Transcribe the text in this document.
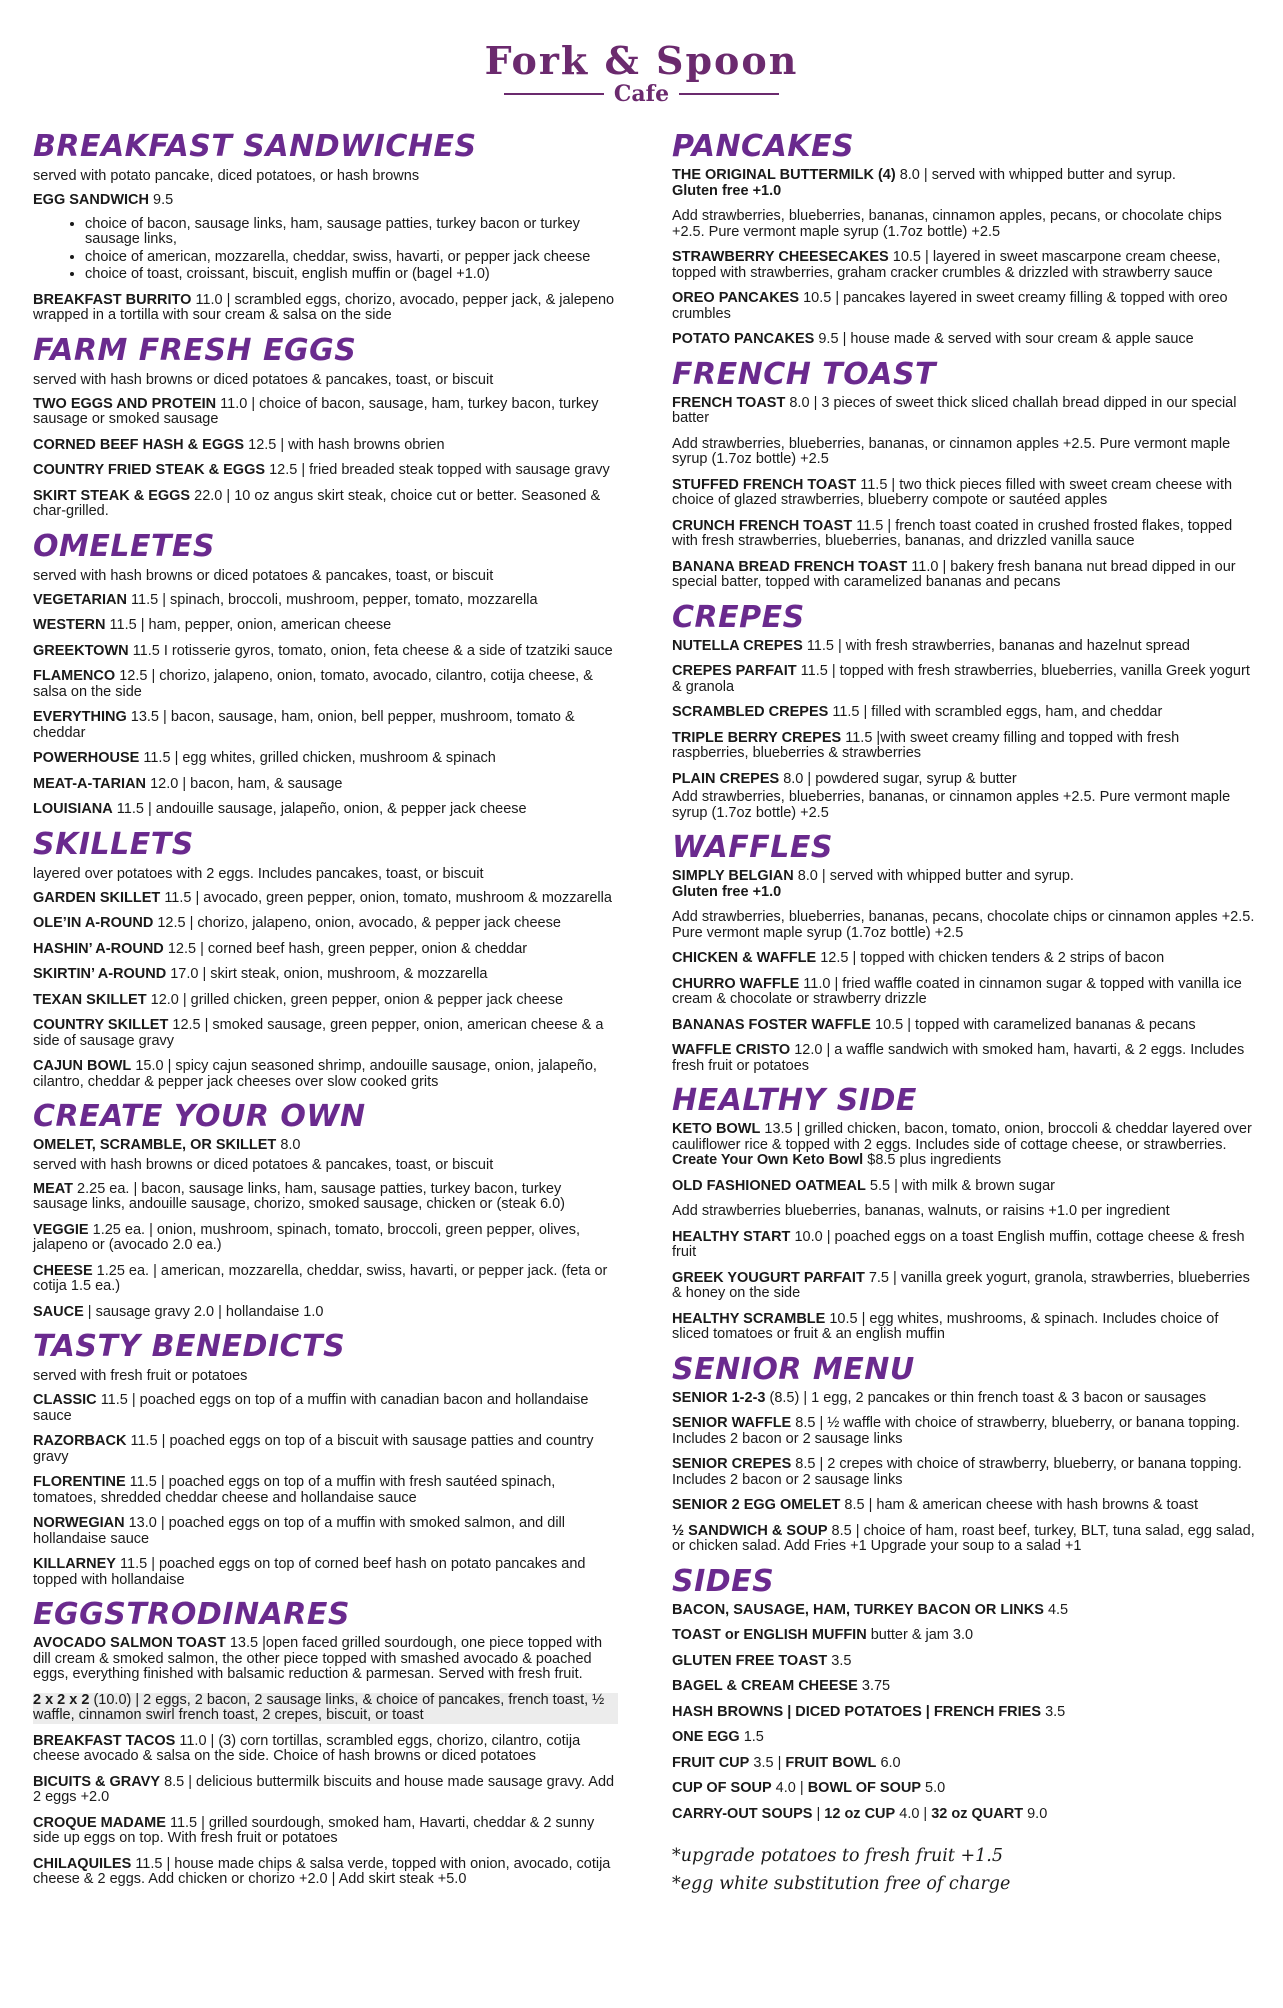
Fork & Spoon
Cafe
BREAKFAST SANDWICHES
served with potato pancake, diced potatoes, or hash browns
EGG SANDWICH 9.5
• choice of bacon, sausage links, ham, sausage patties, turkey bacon or turkey sausage links,
• choice of american, mozzarella, cheddar, swiss, havarti, or pepper jack cheese
• choice of toast, croissant, biscuit, english muffin or (bagel +1.0)
BREAKFAST BURRITO 11.0 | scrambled eggs, chorizo, avocado, pepper jack, & jalepeno wrapped in a tortilla with sour cream & salsa on the side
FARM FRESH EGGS
served with hash browns or diced potatoes & pancakes, toast, or biscuit
TWO EGGS AND PROTEIN 11.0 | choice of bacon, sausage, ham, turkey bacon, turkey sausage or smoked sausage
CORNED BEEF HASH & EGGS 12.5 | with hash browns obrien
COUNTRY FRIED STEAK & EGGS 12.5 | fried breaded steak topped with sausage gravy
SKIRT STEAK & EGGS 22.0 | 10 oz angus skirt steak, choice cut or better. Seasoned & char-grilled.
OMELETES
served with hash browns or diced potatoes & pancakes, toast, or biscuit
VEGETARIAN 11.5 | spinach, broccoli, mushroom, pepper, tomato, mozzarella
WESTERN 11.5 | ham, pepper, onion, american cheese
GREEKTOWN 11.5 I rotisserie gyros, tomato, onion, feta cheese & a side of tzatziki sauce
FLAMENCO 12.5 | chorizo, jalapeno, onion, tomato, avocado, cilantro, cotija cheese, & salsa on the side
EVERYTHING 13.5 | bacon, sausage, ham, onion, bell pepper, mushroom, tomato & cheddar
POWERHOUSE 11.5 | egg whites, grilled chicken, mushroom & spinach
MEAT-A-TARIAN 12.0 | bacon, ham, & sausage
LOUISIANA 11.5 | andouille sausage, jalapeño, onion, & pepper jack cheese
SKILLETS
layered over potatoes with 2 eggs. Includes pancakes, toast, or biscuit
GARDEN SKILLET 11.5 | avocado, green pepper, onion, tomato, mushroom & mozzarella
OLE’IN A-ROUND 12.5 | chorizo, jalapeno, onion, avocado, & pepper jack cheese
HASHIN’ A-ROUND 12.5 | corned beef hash, green pepper, onion & cheddar
SKIRTIN’ A-ROUND 17.0 | skirt steak, onion, mushroom, & mozzarella
TEXAN SKILLET 12.0 | grilled chicken, green pepper, onion & pepper jack cheese
COUNTRY SKILLET 12.5 | smoked sausage, green pepper, onion, american cheese & a side of sausage gravy
CAJUN BOWL 15.0 | spicy cajun seasoned shrimp, andouille sausage, onion, jalapeño, cilantro, cheddar & pepper jack cheeses over slow cooked grits
CREATE YOUR OWN
OMELET, SCRAMBLE, OR SKILLET 8.0
served with hash browns or diced potatoes & pancakes, toast, or biscuit
MEAT 2.25 ea. | bacon, sausage links, ham, sausage patties, turkey bacon, turkey sausage links, andouille sausage, chorizo, smoked sausage, chicken or (steak 6.0)
VEGGIE 1.25 ea. | onion, mushroom, spinach, tomato, broccoli, green pepper, olives, jalapeno or (avocado 2.0 ea.)
CHEESE 1.25 ea. | american, mozzarella, cheddar, swiss, havarti, or pepper jack. (feta or cotija 1.5 ea.)
SAUCE | sausage gravy 2.0 | hollandaise 1.0
TASTY BENEDICTS
served with fresh fruit or potatoes
CLASSIC 11.5 | poached eggs on top of a muffin with canadian bacon and hollandaise sauce
RAZORBACK 11.5 | poached eggs on top of a biscuit with sausage patties and country gravy
FLORENTINE 11.5 | poached eggs on top of a muffin with fresh sautéed spinach, tomatoes, shredded cheddar cheese and hollandaise sauce
NORWEGIAN 13.0 | poached eggs on top of a muffin with smoked salmon, and dill hollandaise sauce
KILLARNEY 11.5 | poached eggs on top of corned beef hash on potato pancakes and topped with hollandaise
EGGSTRODINARES
AVOCADO SALMON TOAST 13.5 |open faced grilled sourdough, one piece topped with dill cream & smoked salmon, the other piece topped with smashed avocado & poached eggs, everything finished with balsamic reduction & parmesan. Served with fresh fruit.
2 x 2 x 2 (10.0) | 2 eggs, 2 bacon, 2 sausage links, & choice of pancakes, french toast, ½ waffle, cinnamon swirl french toast, 2 crepes, biscuit, or toast
BREAKFAST TACOS 11.0 | (3) corn tortillas, scrambled eggs, chorizo, cilantro, cotija cheese avocado & salsa on the side. Choice of hash browns or diced potatoes
BICUITS & GRAVY 8.5 | delicious buttermilk biscuits and house made sausage gravy. Add 2 eggs +2.0
CROQUE MADAME 11.5 | grilled sourdough, smoked ham, Havarti, cheddar & 2 sunny side up eggs on top. With fresh fruit or potatoes
CHILAQUILES 11.5 | house made chips & salsa verde, topped with onion, avocado, cotija cheese & 2 eggs. Add chicken or chorizo +2.0 | Add skirt steak +5.0
PANCAKES
THE ORIGINAL BUTTERMILK (4) 8.0 | served with whipped butter and syrup.
Gluten free +1.0
Add strawberries, blueberries, bananas, cinnamon apples, pecans, or chocolate chips +2.5. Pure vermont maple syrup (1.7oz bottle) +2.5
STRAWBERRY CHEESECAKES 10.5 | layered in sweet mascarpone cream cheese, topped with strawberries, graham cracker crumbles & drizzled with strawberry sauce
OREO PANCAKES 10.5 | pancakes layered in sweet creamy filling & topped with oreo crumbles
POTATO PANCAKES 9.5 | house made & served with sour cream & apple sauce
FRENCH TOAST
FRENCH TOAST 8.0 | 3 pieces of sweet thick sliced challah bread dipped in our special batter
Add strawberries, blueberries, bananas, or cinnamon apples +2.5. Pure vermont maple syrup (1.7oz bottle) +2.5
STUFFED FRENCH TOAST 11.5 | two thick pieces filled with sweet cream cheese with choice of glazed strawberries, blueberry compote or sautéed apples
CRUNCH FRENCH TOAST 11.5 | french toast coated in crushed frosted flakes, topped with fresh strawberries, blueberries, bananas, and drizzled vanilla sauce
BANANA BREAD FRENCH TOAST 11.0 | bakery fresh banana nut bread dipped in our special batter, topped with caramelized bananas and pecans
CREPES
NUTELLA CREPES 11.5 | with fresh strawberries, bananas and hazelnut spread
CREPES PARFAIT 11.5 | topped with fresh strawberries, blueberries, vanilla Greek yogurt & granola
SCRAMBLED CREPES 11.5 | filled with scrambled eggs, ham, and cheddar
TRIPLE BERRY CREPES 11.5 |with sweet creamy filling and topped with fresh raspberries, blueberries & strawberries
PLAIN CREPES 8.0 | powdered sugar, syrup & butter
Add strawberries, blueberries, bananas, or cinnamon apples +2.5. Pure vermont maple syrup (1.7oz bottle) +2.5
WAFFLES
SIMPLY BELGIAN 8.0 | served with whipped butter and syrup.
Gluten free +1.0
Add strawberries, blueberries, bananas, pecans, chocolate chips or cinnamon apples +2.5. Pure vermont maple syrup (1.7oz bottle) +2.5
CHICKEN & WAFFLE 12.5 | topped with chicken tenders & 2 strips of bacon
CHURRO WAFFLE 11.0 | fried waffle coated in cinnamon sugar & topped with vanilla ice cream & chocolate or strawberry drizzle
BANANAS FOSTER WAFFLE 10.5 | topped with caramelized bananas & pecans
WAFFLE CRISTO 12.0 | a waffle sandwich with smoked ham, havarti, & 2 eggs. Includes fresh fruit or potatoes
HEALTHY SIDE
KETO BOWL 13.5 | grilled chicken, bacon, tomato, onion, broccoli & cheddar layered over cauliflower rice & topped with 2 eggs. Includes side of cottage cheese, or strawberries. Create Your Own Keto Bowl $8.5 plus ingredients
OLD FASHIONED OATMEAL 5.5 | with milk & brown sugar
Add strawberries blueberries, bananas, walnuts, or raisins +1.0 per ingredient
HEALTHY START 10.0 | poached eggs on a toast English muffin, cottage cheese & fresh fruit
GREEK YOUGURT PARFAIT 7.5 | vanilla greek yogurt, granola, strawberries, blueberries & honey on the side
HEALTHY SCRAMBLE 10.5 | egg whites, mushrooms, & spinach. Includes choice of sliced tomatoes or fruit & an english muffin
SENIOR MENU
SENIOR 1-2-3 (8.5) | 1 egg, 2 pancakes or thin french toast & 3 bacon or sausages
SENIOR WAFFLE 8.5 | ½ waffle with choice of strawberry, blueberry, or banana topping. Includes 2 bacon or 2 sausage links
SENIOR CREPES 8.5 | 2 crepes with choice of strawberry, blueberry, or banana topping. Includes 2 bacon or 2 sausage links
SENIOR 2 EGG OMELET 8.5 | ham & american cheese with hash browns & toast
½ SANDWICH & SOUP 8.5 | choice of ham, roast beef, turkey, BLT, tuna salad, egg salad, or chicken salad. Add Fries +1 Upgrade your soup to a salad +1
SIDES
BACON, SAUSAGE, HAM, TURKEY BACON OR LINKS 4.5
TOAST or ENGLISH MUFFIN butter & jam 3.0
GLUTEN FREE TOAST 3.5
BAGEL & CREAM CHEESE 3.75
HASH BROWNS | DICED POTATOES | FRENCH FRIES 3.5
ONE EGG 1.5
FRUIT CUP 3.5 | FRUIT BOWL 6.0
CUP OF SOUP 4.0 | BOWL OF SOUP 5.0
CARRY-OUT SOUPS | 12 oz CUP 4.0 | 32 oz QUART 9.0
*upgrade potatoes to fresh fruit +1.5
*egg white substitution free of charge
